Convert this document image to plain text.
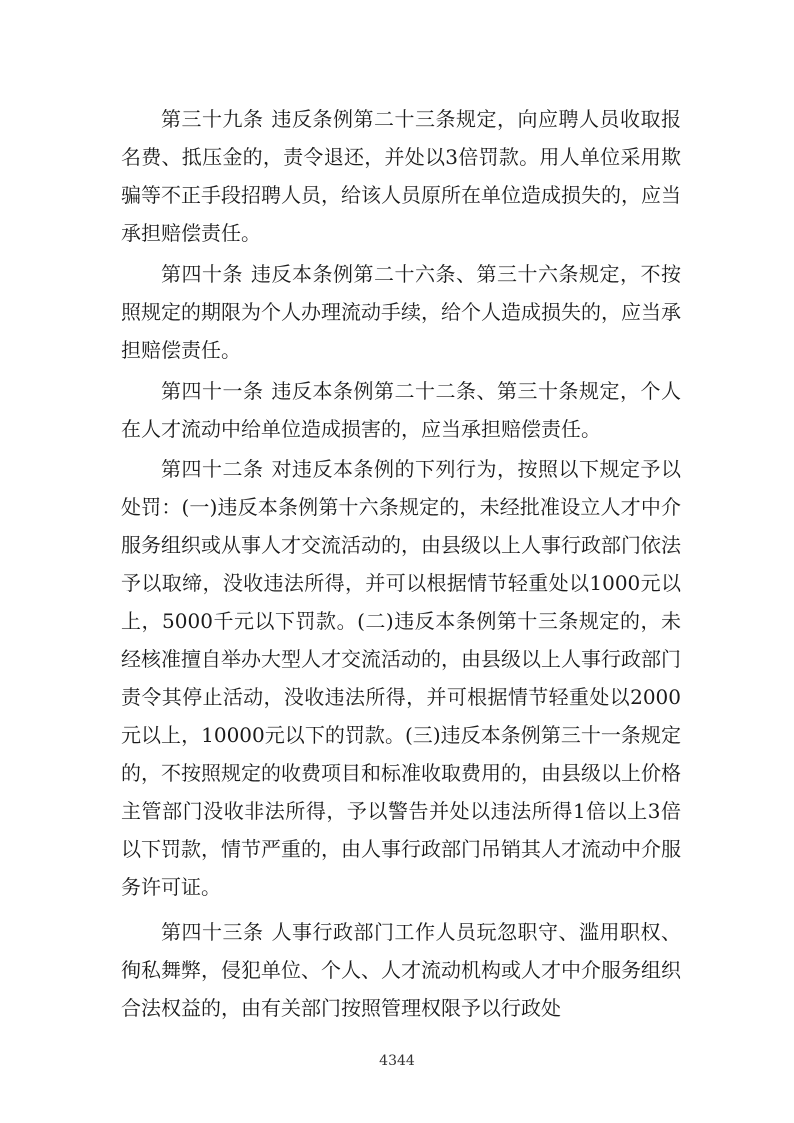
第三十九条 违反条例第二十三条规定，向应聘人员收取报名费、抵压金的，责令退还，并处以3倍罚款。用人单位采用欺骗等不正手段招聘人员，给该人员原所在单位造成损失的，应当承担赔偿责任。

第四十条 违反本条例第二十六条、第三十六条规定，不按照规定的期限为个人办理流动手续，给个人造成损失的，应当承担赔偿责任。

第四十一条 违反本条例第二十二条、第三十条规定，个人在人才流动中给单位造成损害的，应当承担赔偿责任。

第四十二条 对违反本条例的下列行为，按照以下规定予以处罚：(一)违反本条例第十六条规定的，未经批准设立人才中介服务组织或从事人才交流活动的，由县级以上人事行政部门依法予以取缔，没收违法所得，并可以根据情节轻重处以1000元以上，5000千元以下罚款。(二)违反本条例第十三条规定的，未经核准擅自举办大型人才交流活动的，由县级以上人事行政部门责令其停止活动，没收违法所得，并可根据情节轻重处以2000元以上，10000元以下的罚款。(三)违反本条例第三十一条规定的，不按照规定的收费项目和标准收取费用的，由县级以上价格主管部门没收非法所得，予以警告并处以违法所得1倍以上3倍以下罚款，情节严重的，由人事行政部门吊销其人才流动中介服务许可证。

第四十三条 人事行政部门工作人员玩忽职守、滥用职权、徇私舞弊，侵犯单位、个人、人才流动机构或人才中介服务组织合法权益的，由有关部门按照管理权限予以行政处

4344
